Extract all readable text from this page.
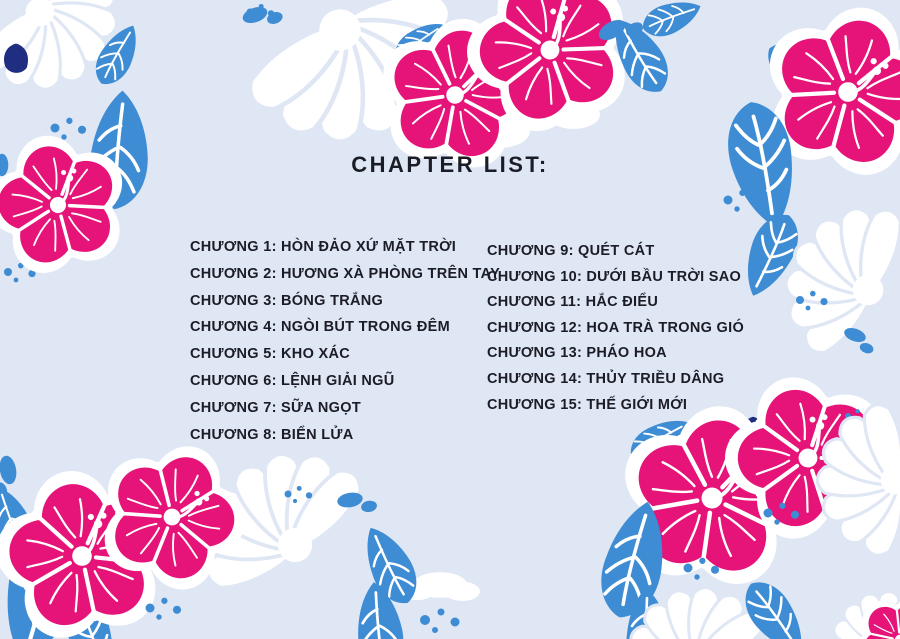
CHAPTER LIST:
CHƯƠNG 1: HÒN ĐẢO XỨ MẶT TRỜI
CHƯƠNG 2: HƯƠNG XÀ PHÒNG TRÊN TAY
CHƯƠNG 3: BÓNG TRẮNG
CHƯƠNG 4: NGÒI BÚT TRONG ĐÊM
CHƯƠNG 5: KHO XÁC
CHƯƠNG 6: LỆNH GIẢI NGŨ
CHƯƠNG 7: SỮA NGỌT
CHƯƠNG 8: BIỂN LỬA
CHƯƠNG 9: QUÉT CÁT
CHƯƠNG 10: DƯỚI BẦU TRỜI SAO
CHƯƠNG 11: HẮC ĐIỂU
CHƯƠNG 12: HOA TRÀ TRONG GIÓ
CHƯƠNG 13: PHÁO HOA
CHƯƠNG 14: THỦY TRIỀU DÂNG
CHƯƠNG 15: THẾ GIỚI MỚI
